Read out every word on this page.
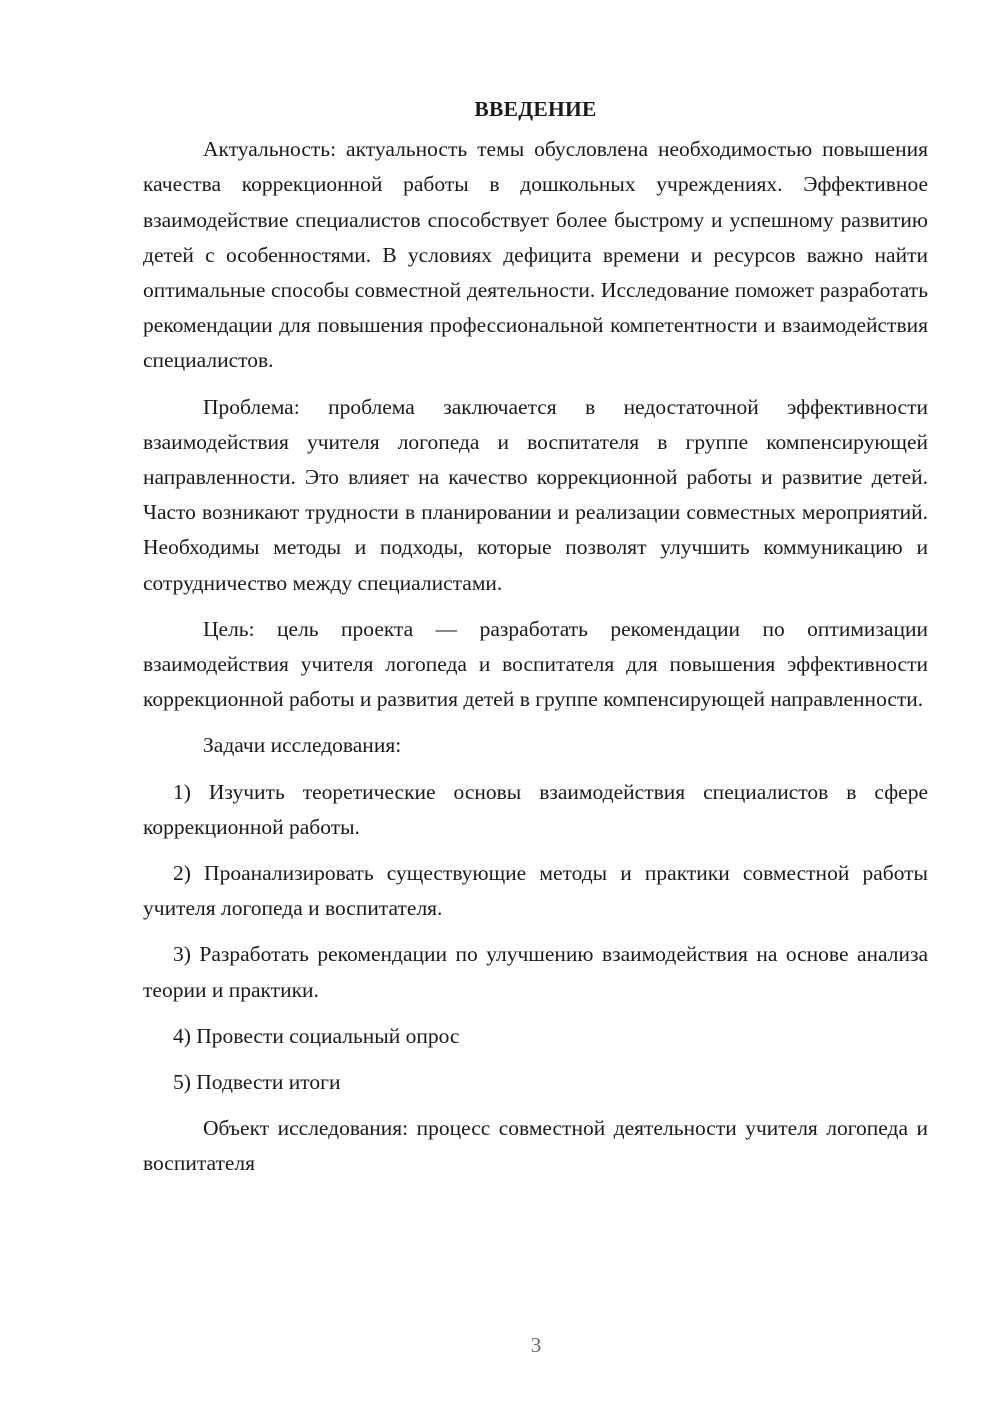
ВВЕДЕНИЕ

Актуальность: актуальность темы обусловлена необходимостью повышения качества коррекционной работы в дошкольных учреждениях. Эффективное взаимодействие специалистов способствует более быстрому и успешному развитию детей с особенностями. В условиях дефицита времени и ресурсов важно найти оптимальные способы совместной деятельности. Исследование поможет разработать рекомендации для повышения профессиональной компетентности и взаимодействия специалистов.

Проблема: проблема заключается в недостаточной эффективности взаимодействия учителя логопеда и воспитателя в группе компенсирующей направленности. Это влияет на качество коррекционной работы и развитие детей. Часто возникают трудности в планировании и реализации совместных мероприятий. Необходимы методы и подходы, которые позволят улучшить коммуникацию и сотрудничество между специалистами.

Цель: цель проекта — разработать рекомендации по оптимизации взаимодействия учителя логопеда и воспитателя для повышения эффективности коррекционной работы и развития детей в группе компенсирующей направленности.

Задачи исследования:

1) Изучить теоретические основы взаимодействия специалистов в сфере коррекционной работы.

2) Проанализировать существующие методы и практики совместной работы учителя логопеда и воспитателя.

3) Разработать рекомендации по улучшению взаимодействия на основе анализа теории и практики.

4) Провести социальный опрос

5) Подвести итоги

Объект исследования: процесс совместной деятельности учителя логопеда и воспитателя

3
